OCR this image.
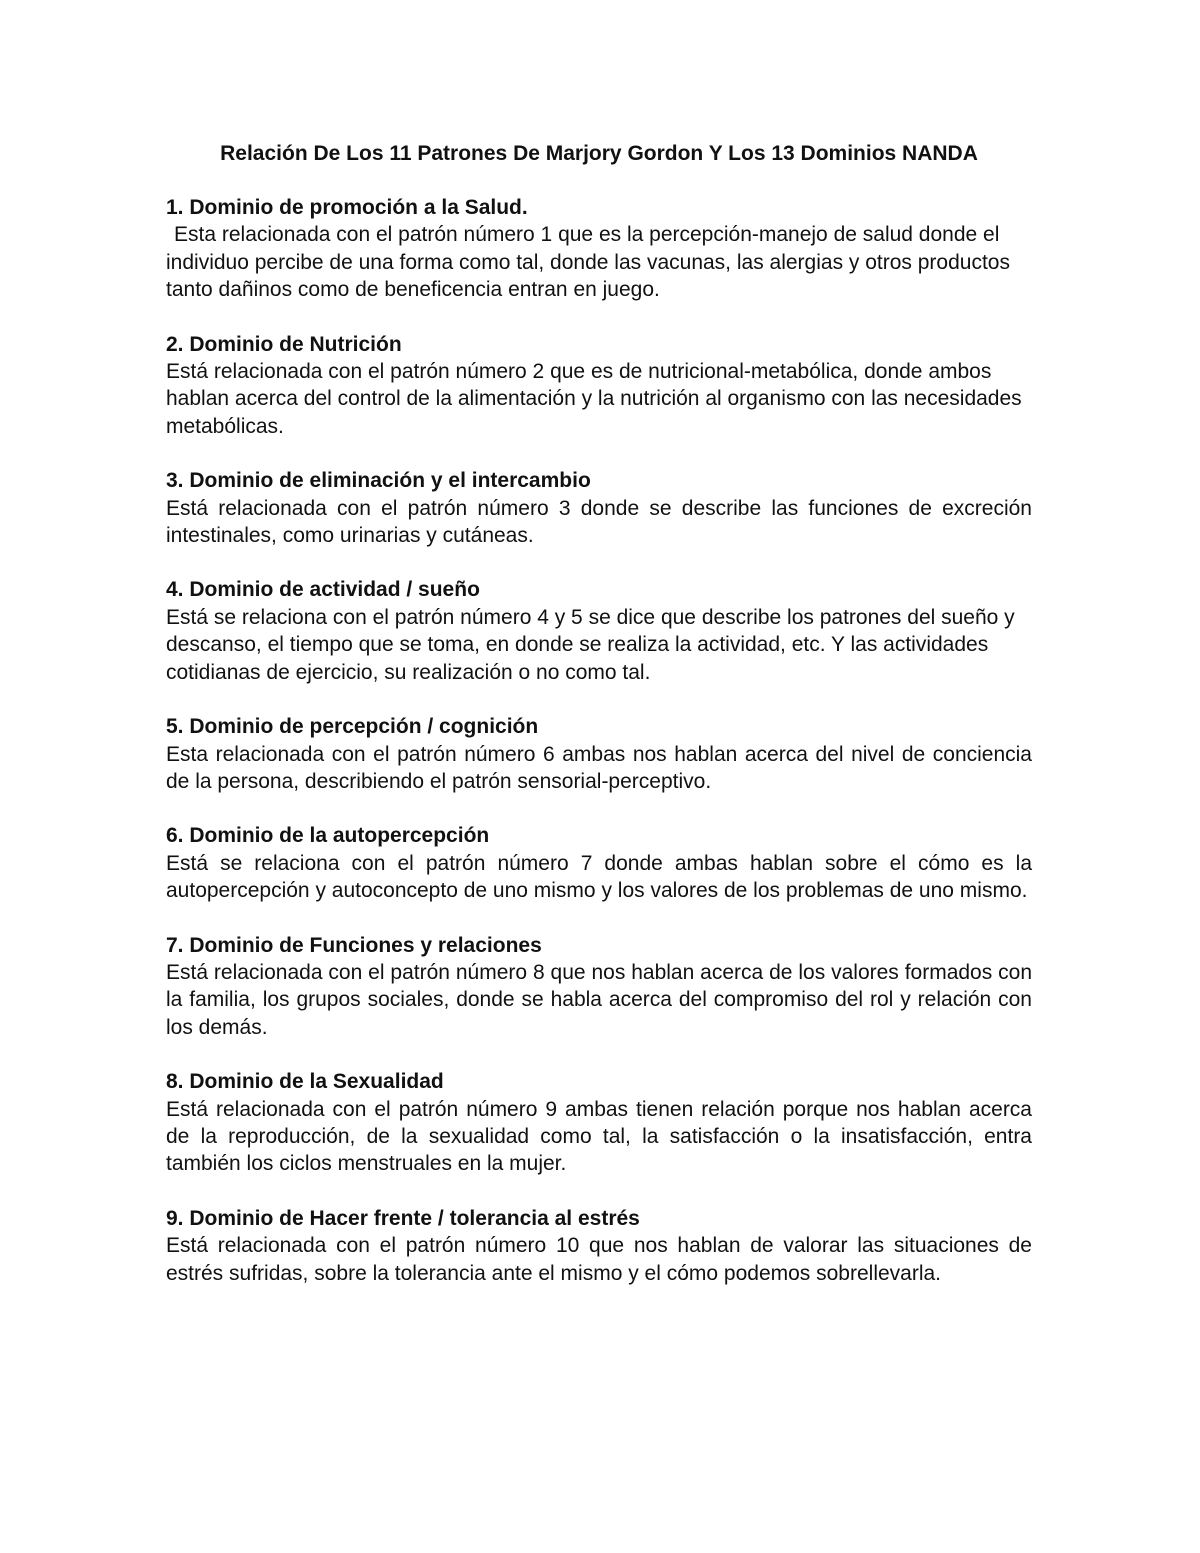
Relación De Los 11 Patrones De Marjory Gordon Y Los 13 Dominios NANDA

1. Dominio de promoción a la Salud.

Esta relacionada con el patrón número 1 que es la percepción-manejo de salud donde el individuo percibe de una forma como tal, donde las vacunas, las alergias y otros productos tanto dañinos como de beneficencia entran en juego.

2. Dominio de Nutrición

Está relacionada con el patrón número 2 que es de nutricional-metabólica, donde ambos hablan acerca del control de la alimentación y la nutrición al organismo con las necesidades metabólicas.

3. Dominio de eliminación y el intercambio

Está relacionada con el patrón número 3 donde se describe las funciones de excreción intestinales, como urinarias y cutáneas.

4. Dominio de actividad / sueño

Está se relaciona con el patrón número 4 y 5 se dice que describe los patrones del sueño y descanso, el tiempo que se toma, en donde se realiza la actividad, etc. Y las actividades cotidianas de ejercicio, su realización o no como tal.

5. Dominio de percepción / cognición

Esta relacionada con el patrón número 6 ambas nos hablan acerca del nivel de conciencia de la persona, describiendo el patrón sensorial-perceptivo.

6. Dominio de la autopercepción

Está se relaciona con el patrón número 7 donde ambas hablan sobre el cómo es la autopercepción y autoconcepto de uno mismo y los valores de los problemas de uno mismo.

7. Dominio de Funciones y relaciones

Está relacionada con el patrón número 8 que nos hablan acerca de los valores formados con la familia, los grupos sociales, donde se habla acerca del compromiso del rol y relación con los demás.

8. Dominio de la Sexualidad

Está relacionada con el patrón número 9 ambas tienen relación porque nos hablan acerca de la reproducción, de la sexualidad como tal, la satisfacción o la insatisfacción, entra también los ciclos menstruales en la mujer.

9. Dominio de Hacer frente / tolerancia al estrés

Está relacionada con el patrón número 10 que nos hablan de valorar las situaciones de estrés sufridas, sobre la tolerancia ante el mismo y el cómo podemos sobrellevarla.
